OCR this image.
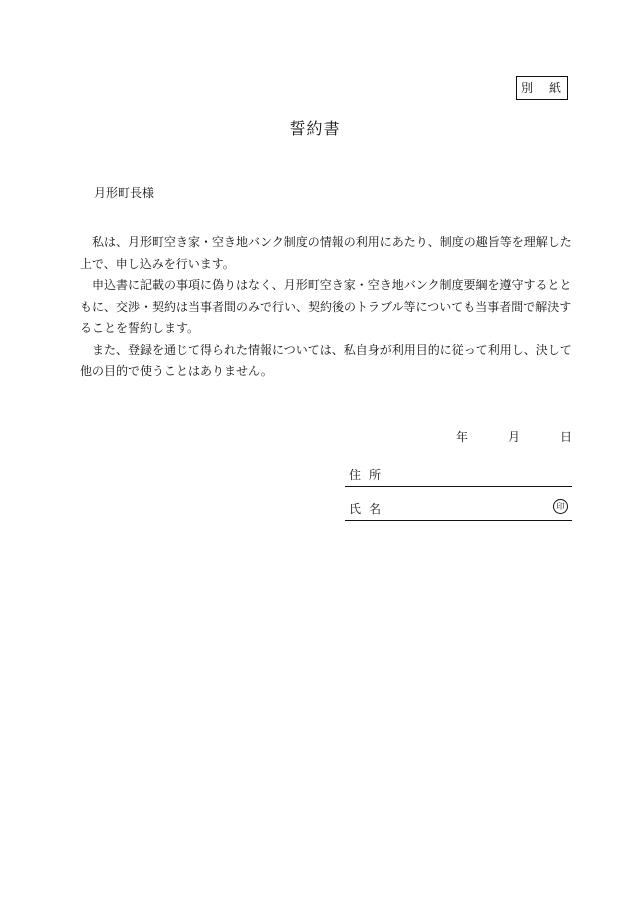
別　紙
誓約書
月形町長様

私は、月形町空き家・空き地バンク制度の情報の利用にあたり、制度の趣旨等を理解した上で、申し込みを行います。

申込書に記載の事項に偽りはなく、月形町空き家・空き地バンク制度要綱を遵守するとともに、交渉・契約は当事者間のみで行い、契約後のトラブル等についても当事者間で解決することを誓約します。

また、登録を通じて得られた情報については、私自身が利用目的に従って利用し、決して他の目的で使うことはありません。

年	月	日
住所
氏名	印
